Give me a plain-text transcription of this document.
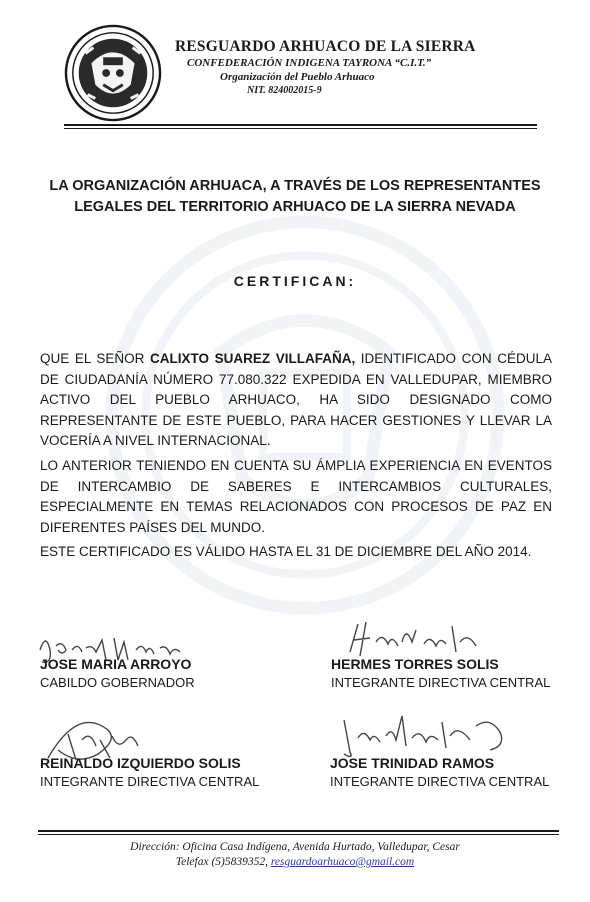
RESGUARDO ARHUACO DE LA SIERRA
CONFEDERACIÓN INDIGENA TAYRONA “C.I.T.”
Organización del Pueblo Arhuaco
NIT. 824002015-9
LA ORGANIZACIÓN ARHUACA, A TRAVÉS DE LOS REPRESENTANTES
LEGALES DEL TERRITORIO ARHUACO DE LA SIERRA NEVADA
CERTIFICAN:
QUE EL SEÑOR CALIXTO SUAREZ VILLAFAÑA, IDENTIFICADO CON CÉDULA DE CIUDADANÍA NÚMERO 77.080.322 EXPEDIDA EN VALLEDUPAR, MIEMBRO ACTIVO DEL PUEBLO ARHUACO, HA SIDO DESIGNADO COMO REPRESENTANTE DE ESTE PUEBLO, PARA HACER GESTIONES Y LLEVAR LA VOCERÍA A NIVEL INTERNACIONAL.
LO ANTERIOR TENIENDO EN CUENTA SU ÁMPLIA EXPERIENCIA EN EVENTOS DE INTERCAMBIO DE SABERES E INTERCAMBIOS CULTURALES, ESPECIALMENTE EN TEMAS RELACIONADOS CON PROCESOS DE PAZ EN DIFERENTES PAÍSES DEL MUNDO.
ESTE CERTIFICADO ES VÁLIDO HASTA EL 31 DE DICIEMBRE DEL AÑO 2014.
JOSE MARIA ARROYO
CABILDO GOBERNADOR
HERMES TORRES SOLIS
INTEGRANTE DIRECTIVA CENTRAL
REINALDO IZQUIERDO SOLIS
INTEGRANTE DIRECTIVA CENTRAL
JOSE TRINIDAD RAMOS
INTEGRANTE DIRECTIVA CENTRAL
Dirección: Oficina Casa Indígena, Avenida Hurtado, Valledupar, Cesar
Telefax (5)5839352, resguardoarhuaco@gmail.com
